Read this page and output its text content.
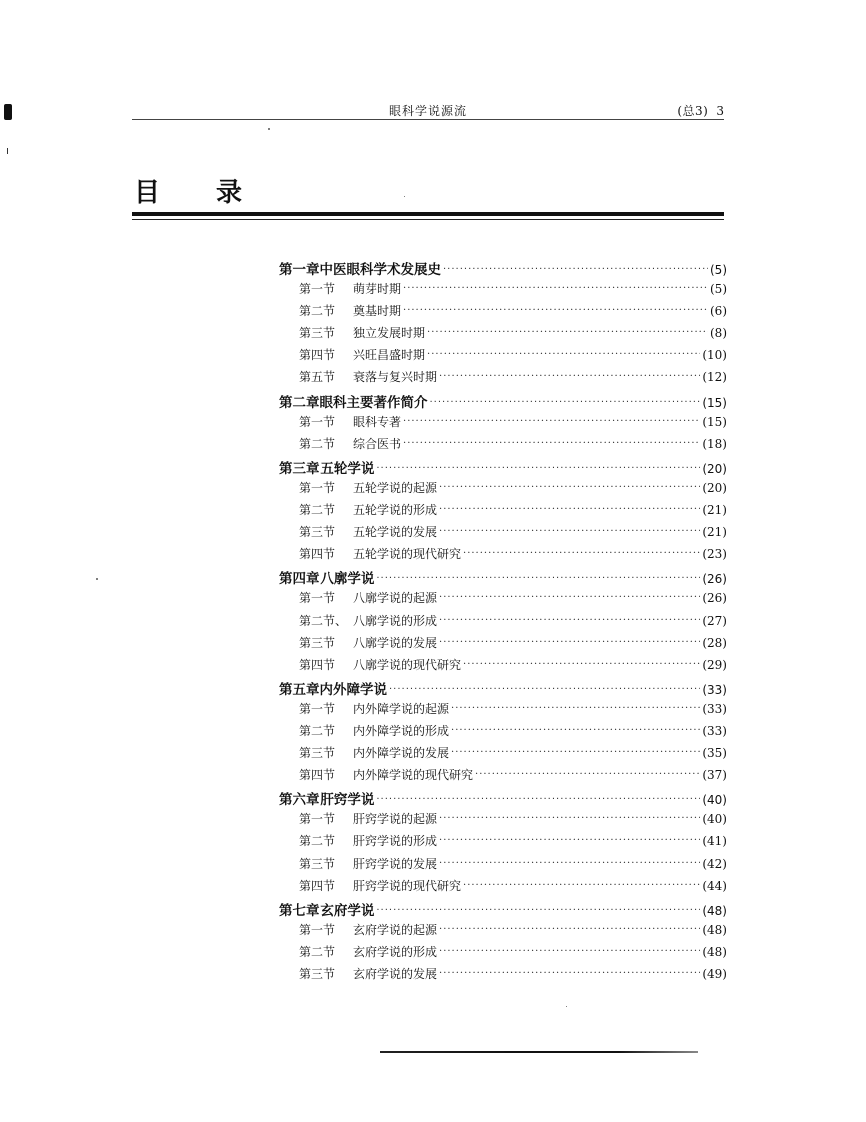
眼科学说源流	(总3) 3
目录
第一章 中医眼科学术发展史 ·····	(5)
第一节	萌芽时期 ·····	(5)
第二节	奠基时期 ·····	(6)
第三节	独立发展时期 ·····	(8)
第四节	兴旺昌盛时期 ·····	(10)
第五节	衰落与复兴时期 ·····	(12)
第二章 眼科主要著作简介 ·····	(15)
第一节	眼科专著 ·····	(15)
第二节	综合医书 ·····	(18)
第三章 五轮学说 ·····	(20)
第一节	五轮学说的起源 ·····	(20)
第二节	五轮学说的形成 ·····	(21)
第三节	五轮学说的发展 ·····	(21)
第四节	五轮学说的现代研究 ·····	(23)
第四章 八廓学说 ·····	(26)
第一节	八廓学说的起源 ·····	(26)
第二节、 八廓学说的形成 ·····	(27)
第三节	八廓学说的发展 ·····	(28)
第四节	八廓学说的现代研究 ·····	(29)
第五章 内外障学说 ·····	(33)
第一节	内外障学说的起源 ·····	(33)
第二节	内外障学说的形成 ·····	(33)
第三节	内外障学说的发展 ·····	(35)
第四节	内外障学说的现代研究 ·····	(37)
第六章 肝窍学说 ·····	(40)
第一节	肝窍学说的起源 ·····	(40)
第二节	肝窍学说的形成 ·····	(41)
第三节	肝窍学说的发展 ·····	(42)
第四节	肝窍学说的现代研究 ·····	(44)
第七章 玄府学说 ·····	(48)
第一节	玄府学说的起源 ·····	(48)
第二节	玄府学说的形成 ·····	(48)
第三节	玄府学说的发展 ·····	(49)
